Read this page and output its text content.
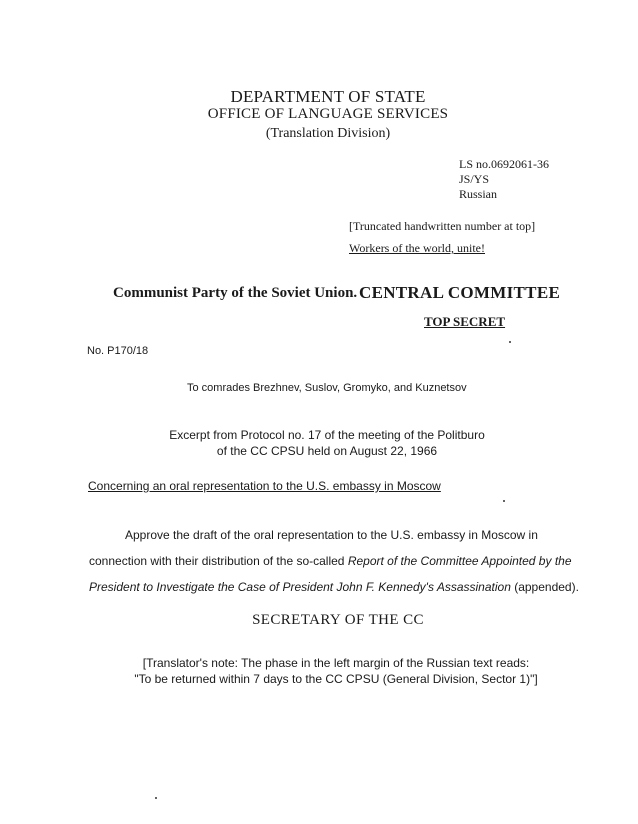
DEPARTMENT OF STATE
OFFICE OF LANGUAGE SERVICES
(Translation Division)
LS no.0692061-36
JS/YS
Russian
[Truncated handwritten number at top]
Workers of the world, unite!
Communist Party of the Soviet Union. CENTRAL COMMITTEE
TOP SECRET
No. P170/18
To comrades Brezhnev, Suslov, Gromyko, and Kuznetsov
Excerpt from Protocol no. 17 of the meeting of the Politburo
of the CC CPSU held on August 22, 1966
Concerning an oral representation to the U.S. embassy in Moscow
Approve the draft of the oral representation to the U.S. embassy in Moscow in connection with their distribution of the so-called Report of the Committee Appointed by the President to Investigate the Case of President John F. Kennedy's Assassination (appended).
SECRETARY OF THE CC
[Translator's note: The phase in the left margin of the Russian text reads:
"To be returned within 7 days to the CC CPSU (General Division, Sector 1)"]
